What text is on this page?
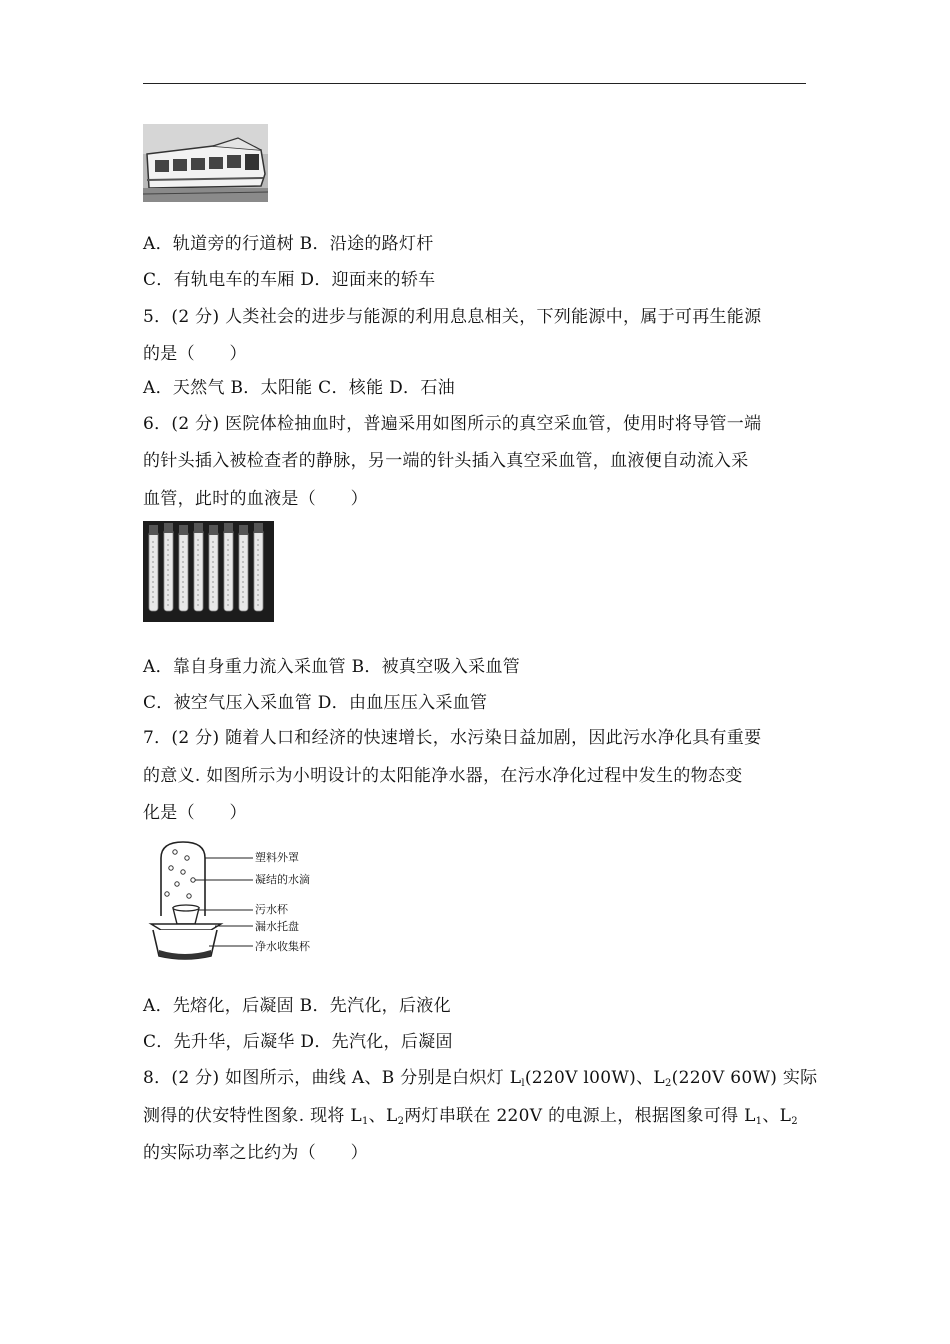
A．轨道旁的行道树 B．沿途的路灯杆
C．有轨电车的车厢 D．迎面来的轿车
5．(2 分) 人类社会的进步与能源的利用息息相关，下列能源中，属于可再生能源
的是（　　）
A．天然气 B．太阳能 C．核能 D．石油
6．(2 分) 医院体检抽血时，普遍采用如图所示的真空采血管，使用时将导管一端
的针头插入被检查者的静脉，另一端的针头插入真空采血管，血液便自动流入采
血管，此时的血液是（　　）
A．靠自身重力流入采血管 B．被真空吸入采血管
C．被空气压入采血管 D．由血压压入采血管
7．(2 分) 随着人口和经济的快速增长，水污染日益加剧，因此污水净化具有重要
的意义. 如图所示为小明设计的太阳能净水器，在污水净化过程中发生的物态变
化是（　　）
塑料外罩
凝结的水滴
污水杯
漏水托盘
净水收集杯
A．先熔化，后凝固 B．先汽化，后液化
C．先升华，后凝华 D．先汽化，后凝固
8．(2 分) 如图所示，曲线 A、B 分别是白炽灯 $L_l(220V$ l00W)、$L_2(220V$ 60W) 实际
测得的伏安特性图象. 现将 $L_1$、$L_2$两灯串联在 220V 的电源上，根据图象可得 $L_1$、$L_2$
的实际功率之比约为（　　）
